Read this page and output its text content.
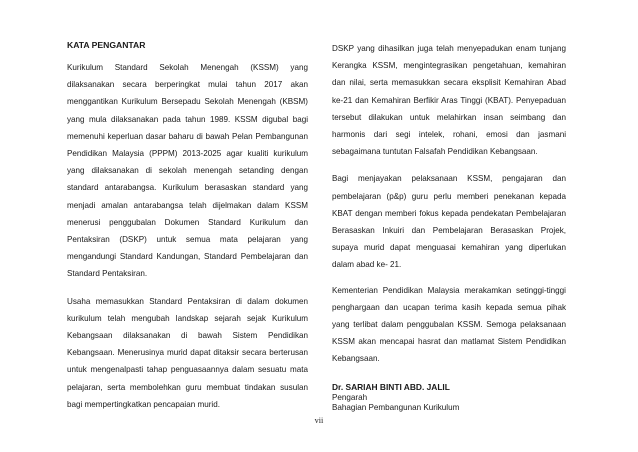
KATA PENGANTAR

Kurikulum Standard Sekolah Menengah (KSSM) yang dilaksanakan secara berperingkat mulai tahun 2017 akan menggantikan Kurikulum Bersepadu Sekolah Menengah (KBSM) yang mula dilaksanakan pada tahun 1989. KSSM digubal bagi memenuhi keperluan dasar baharu di bawah Pelan Pembangunan Pendidikan Malaysia (PPPM) 2013-2025 agar kualiti kurikulum yang dilaksanakan di sekolah menengah setanding dengan standard antarabangsa. Kurikulum berasaskan standard yang menjadi amalan antarabangsa telah dijelmakan dalam KSSM menerusi penggubalan Dokumen Standard Kurikulum dan Pentaksiran (DSKP) untuk semua mata pelajaran yang mengandungi Standard Kandungan, Standard Pembelajaran dan Standard Pentaksiran.

Usaha memasukkan Standard Pentaksiran di dalam dokumen kurikulum telah mengubah landskap sejarah sejak Kurikulum Kebangsaan dilaksanakan di bawah Sistem Pendidikan Kebangsaan. Menerusinya murid dapat ditaksir secara berterusan untuk mengenalpasti tahap penguasaannya dalam sesuatu mata pelajaran, serta membolehkan guru membuat tindakan susulan bagi mempertingkatkan pencapaian murid.

DSKP yang dihasilkan juga telah menyepadukan enam tunjang Kerangka KSSM, mengintegrasikan pengetahuan, kemahiran dan nilai, serta memasukkan secara eksplisit Kemahiran Abad ke-21 dan Kemahiran Berfikir Aras Tinggi (KBAT). Penyepaduan tersebut dilakukan untuk melahirkan insan seimbang dan harmonis dari segi intelek, rohani, emosi dan jasmani sebagaimana tuntutan Falsafah Pendidikan Kebangsaan.

Bagi menjayakan pelaksanaan KSSM, pengajaran dan pembelajaran (p&p) guru perlu memberi penekanan kepada KBAT dengan memberi fokus kepada pendekatan Pembelajaran Berasaskan Inkuiri dan Pembelajaran Berasaskan Projek, supaya murid dapat menguasai kemahiran yang diperlukan dalam abad ke- 21.

Kementerian Pendidikan Malaysia merakamkan setinggi-tinggi penghargaan dan ucapan terima kasih kepada semua pihak yang terlibat dalam penggubalan KSSM. Semoga pelaksanaan KSSM akan mencapai hasrat dan matlamat Sistem Pendidikan Kebangsaan.

Dr. SARIAH BINTI ABD. JALIL
Pengarah
Bahagian Pembangunan Kurikulum
vii
